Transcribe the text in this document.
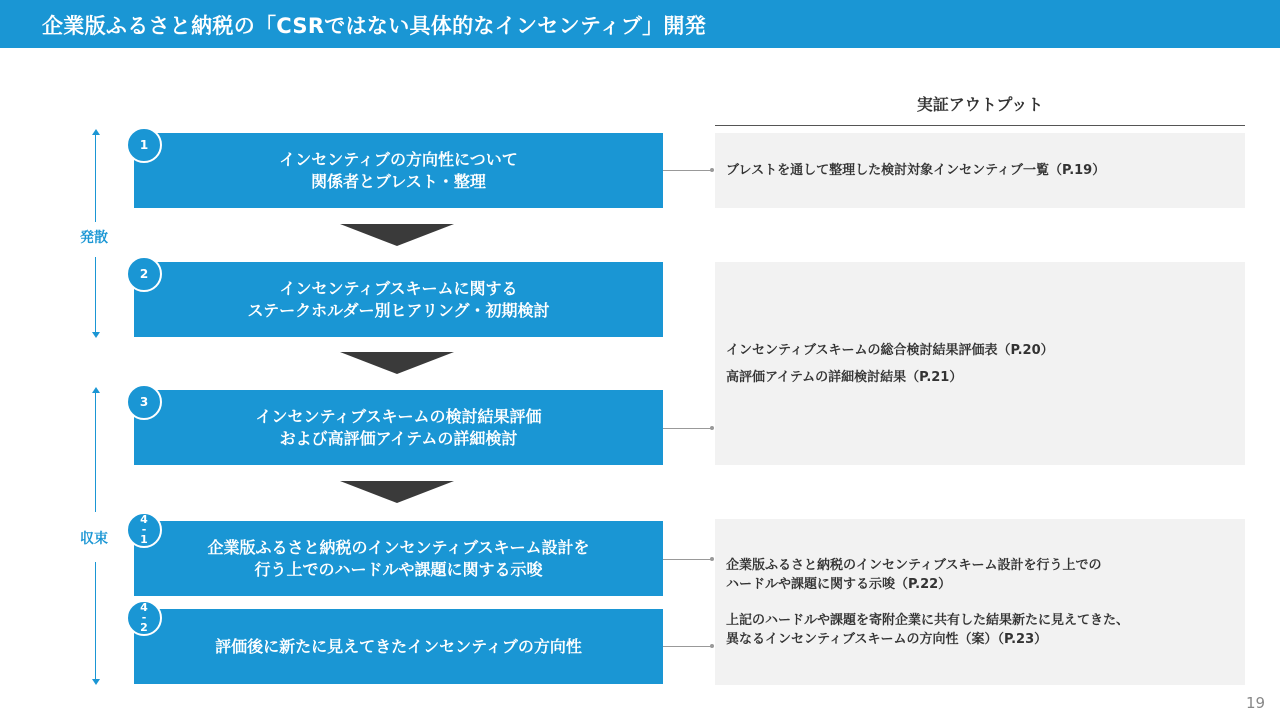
企業版ふるさと納税の「CSRではない具体的なインセンティブ」開発
実証アウトプット
発散
収束
インセンティブの方向性について
関係者とブレスト・整理
1
インセンティブスキームに関する
ステークホルダー別ヒアリング・初期検討
2
インセンティブスキームの検討結果評価
および高評価アイテムの詳細検討
3
企業版ふるさと納税のインセンティブスキーム設計を
行う上でのハードルや課題に関する示唆
4
-
1
評価後に新たに見えてきたインセンティブの方向性
4
-
2
ブレストを通して整理した検討対象インセンティブ一覧（P.19）
インセンティブスキームの総合検討結果評価表（P.20）
高評価アイテムの詳細検討結果（P.21）
企業版ふるさと納税のインセンティブスキーム設計を行う上での
ハードルや課題に関する示唆（P.22）
上記のハードルや課題を寄附企業に共有した結果新たに見えてきた、
異なるインセンティブスキームの方向性（案）（P.23）
19
